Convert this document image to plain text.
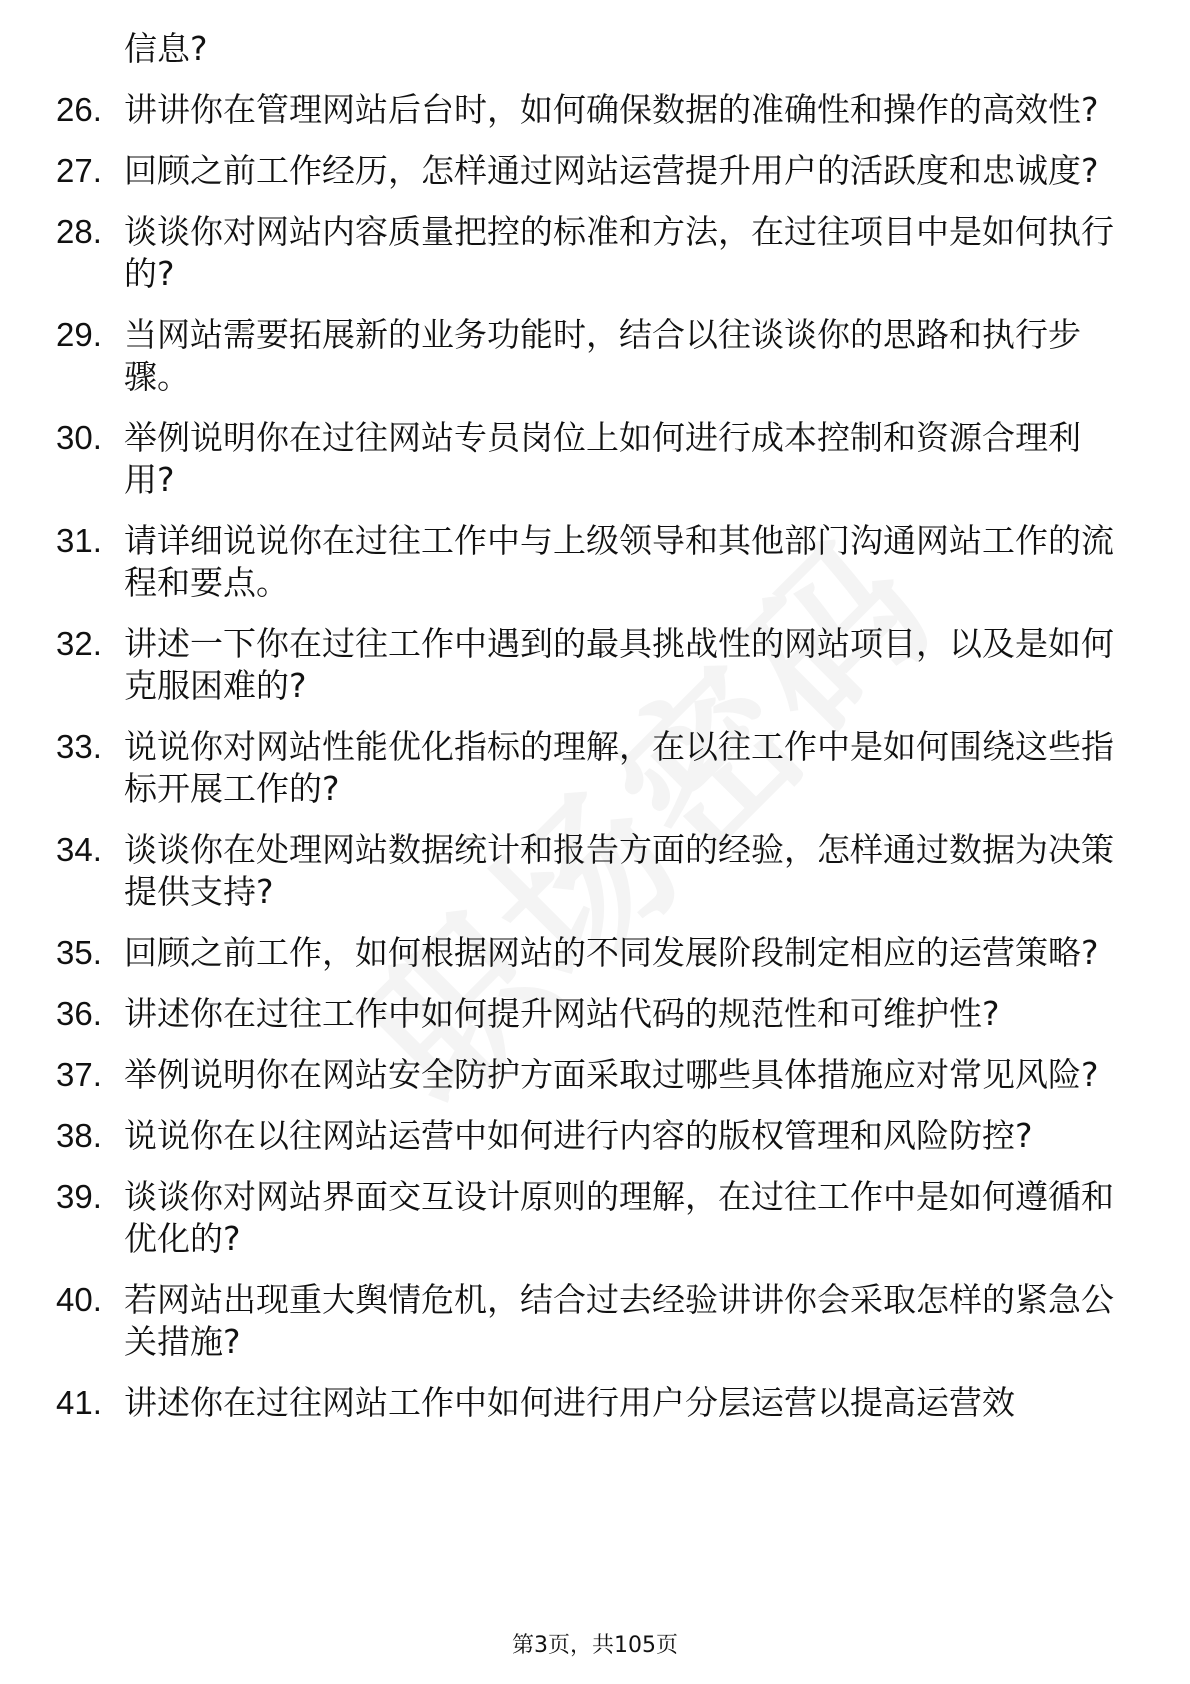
信息?
26. 讲讲你在管理网站后台时，如何确保数据的准确性和操作的高效性?
27. 回顾之前工作经历，怎样通过网站运营提升用户的活跃度和忠诚度?
28. 谈谈你对网站内容质量把控的标准和方法，在过往项目中是如何执行的?
29. 当网站需要拓展新的业务功能时，结合以往谈谈你的思路和执行步骤。
30. 举例说明你在过往网站专员岗位上如何进行成本控制和资源合理利用?
31. 请详细说说你在过往工作中与上级领导和其他部门沟通网站工作的流程和要点。
32. 讲述一下你在过往工作中遇到的最具挑战性的网站项目，以及是如何克服困难的?
33. 说说你对网站性能优化指标的理解，在以往工作中是如何围绕这些指标开展工作的?
34. 谈谈你在处理网站数据统计和报告方面的经验，怎样通过数据为决策提供支持?
35. 回顾之前工作，如何根据网站的不同发展阶段制定相应的运营策略?
36. 讲述你在过往工作中如何提升网站代码的规范性和可维护性?
37. 举例说明你在网站安全防护方面采取过哪些具体措施应对常见风险?
38. 说说你在以往网站运营中如何进行内容的版权管理和风险防控?
39. 谈谈你对网站界面交互设计原则的理解，在过往工作中是如何遵循和优化的?
40. 若网站出现重大舆情危机，结合过去经验讲讲你会采取怎样的紧急公关措施?
41. 讲述你在过往网站工作中如何进行用户分层运营以提高运营效
第3页，共105页
